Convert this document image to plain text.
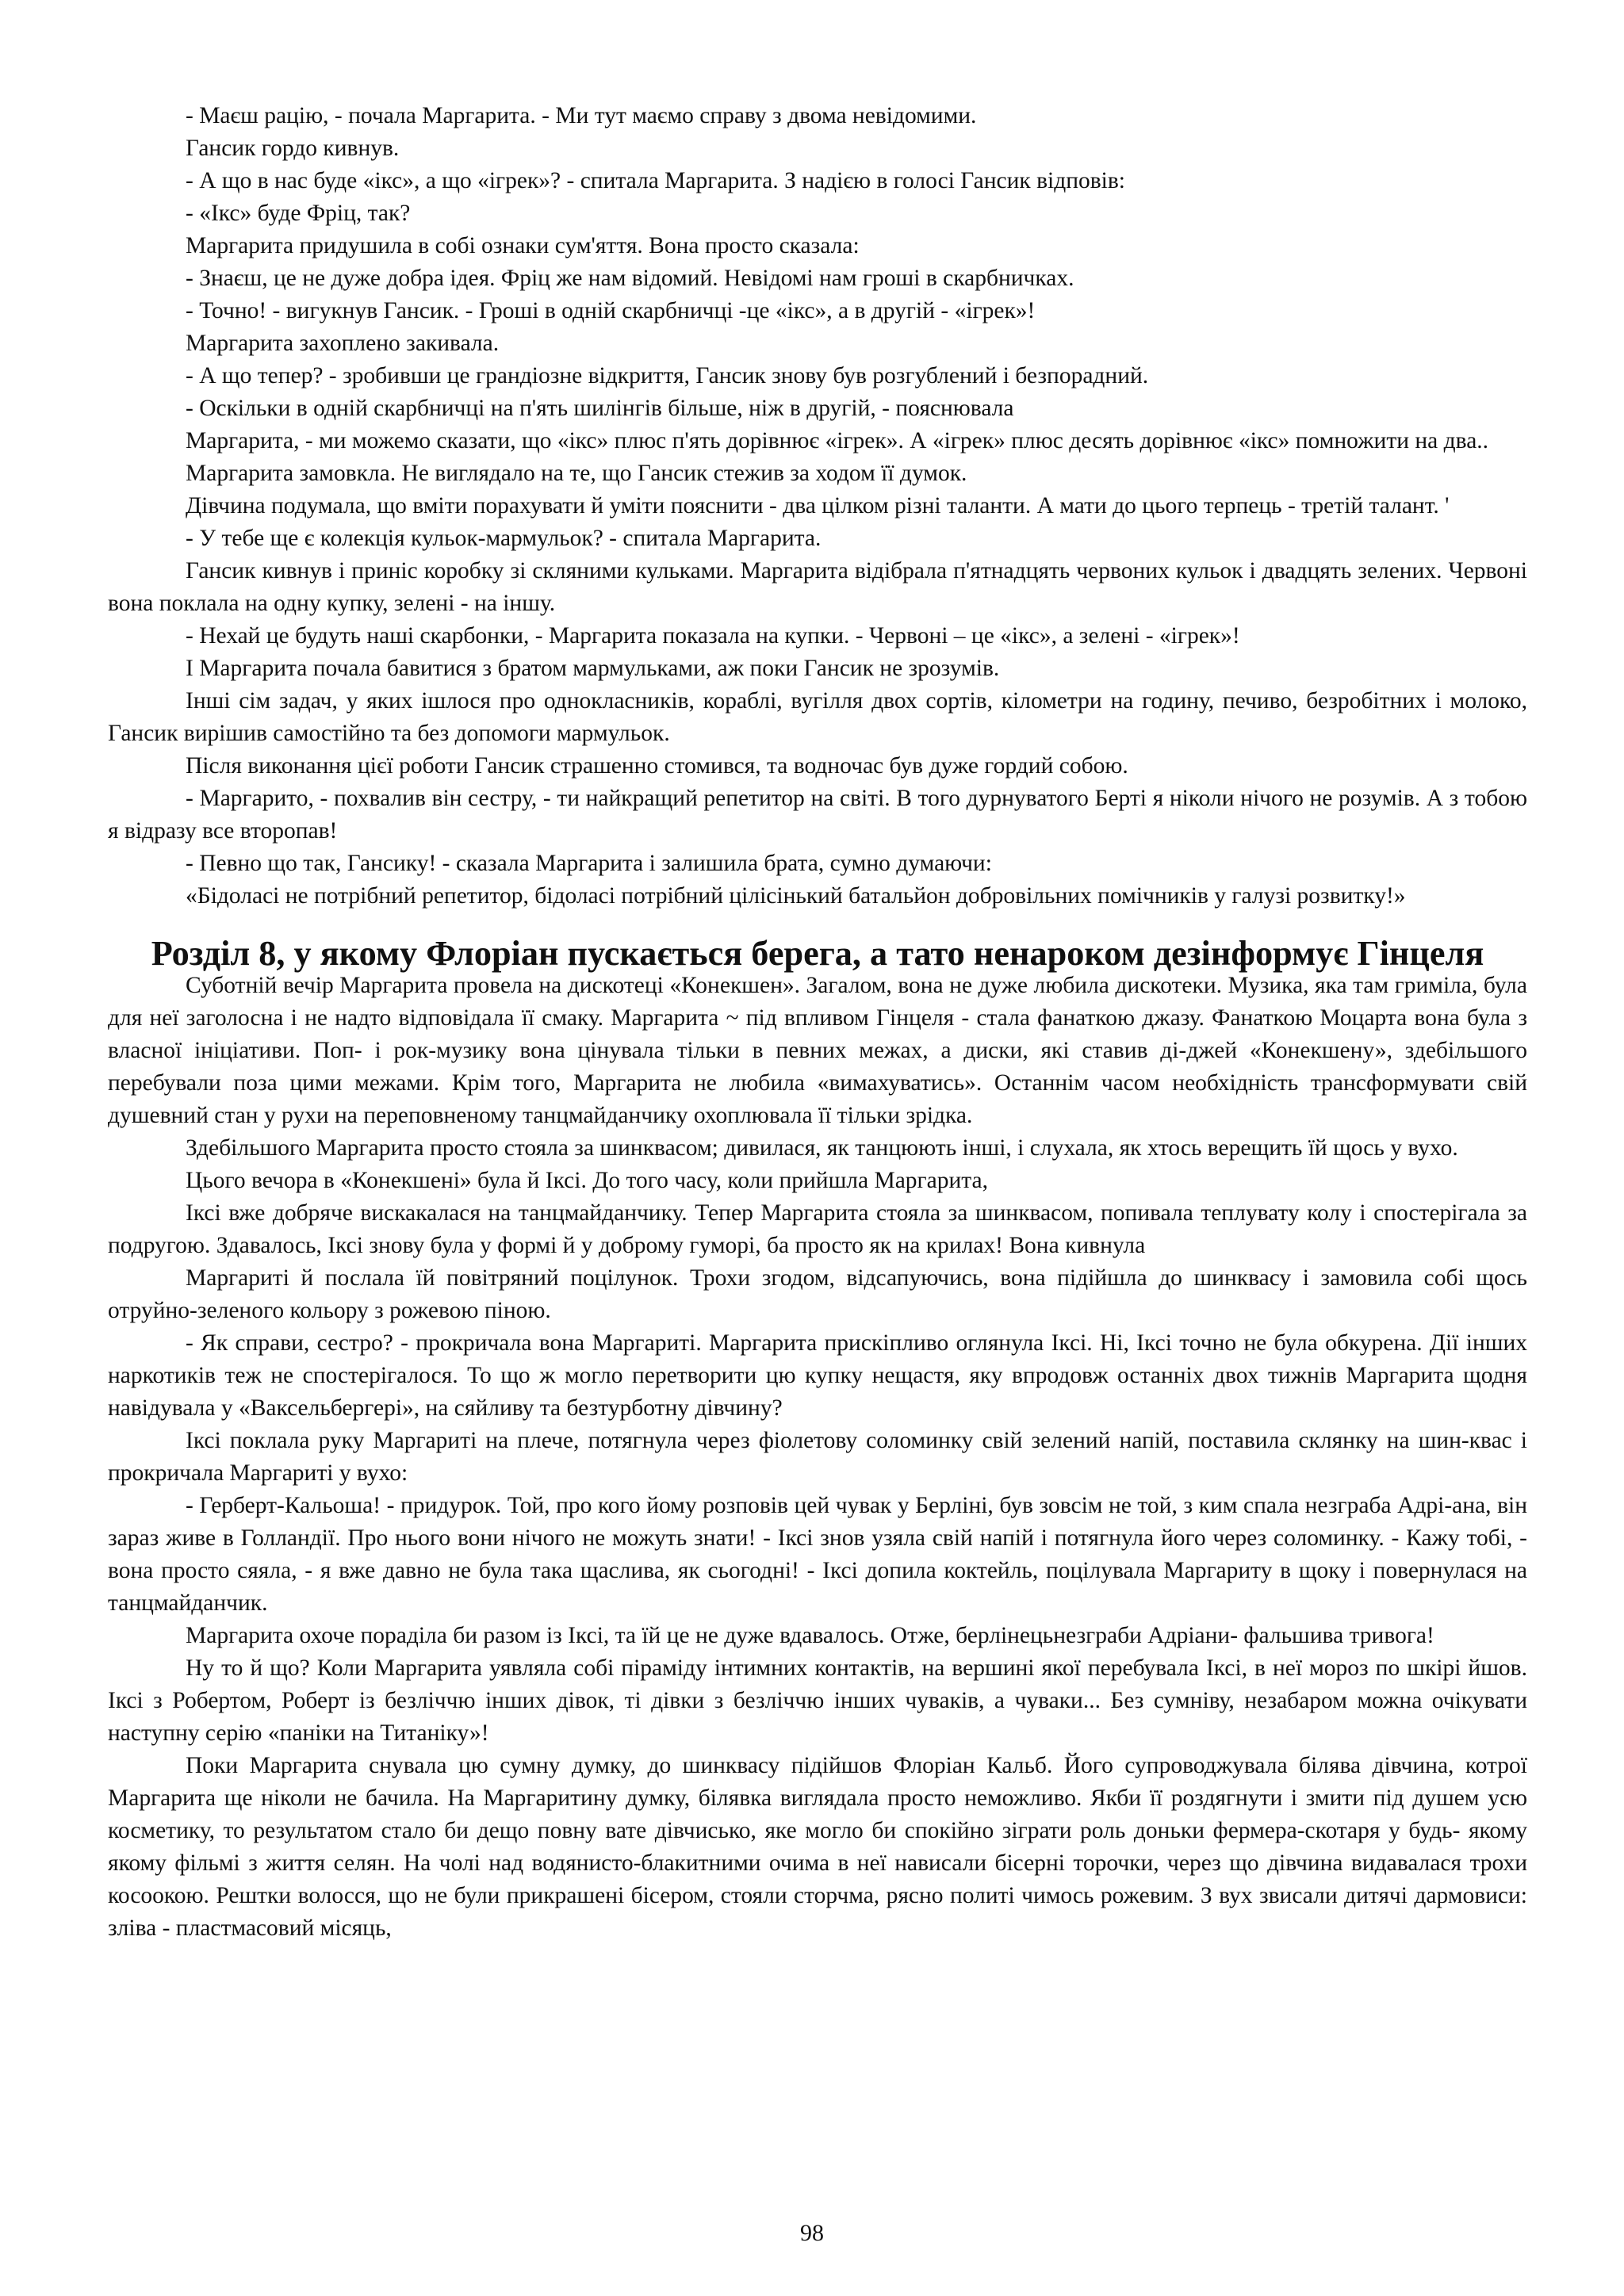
- Маєш рацію, - почала Маргарита. - Ми тут маємо справу з двома невідомими.

Гансик гордо кивнув.

- А що в нас буде «ікс», а що «ігрек»? - спитала Маргарита. З надією в голосі Гансик відповів:

- «Ікс» буде Фріц, так?

Маргарита придушила в собі ознаки сум'яття. Вона просто сказала:

- Знаєш, це не дуже добра ідея. Фріц же нам відомий. Невідомі нам гроші в скарбничках.

- Точно! - вигукнув Гансик. - Гроші в одній скарбничці -це «ікс», а в другій - «ігрек»!

Маргарита захоплено закивала.

- А що тепер? - зробивши це грандіозне відкриття, Гансик знову був розгублений і безпорадний.

- Оскільки в одній скарбничці на п'ять шилінгів більше, ніж в другій, - пояснювала

Маргарита, - ми можемо сказати, що «ікс» плюс п'ять дорівнює «ігрек». А «ігрек» плюс десять дорівнює «ікс» помножити на два..

Маргарита замовкла. Не виглядало на те, що Гансик стежив за ходом її думок.

Дівчина подумала, що вміти порахувати й уміти пояснити - два цілком різні таланти. А мати до цього терпець - третій талант. '

- У тебе ще є колекція кульок-мармульок? - спитала Маргарита.

Гансик кивнув і приніс коробку зі скляними кульками. Маргарита відібрала п'ятнадцять червоних кульок і двадцять зелених. Червоні вона поклала на одну купку, зелені - на іншу.

- Нехай це будуть наші скарбонки, - Маргарита показала на купки. - Червоні – це «ікс», а зелені - «ігрек»!

І Маргарита почала бавитися з братом мармульками, аж поки Гансик не зрозумів.

Інші сім задач, у яких ішлося про однокласників, кораблі, вугілля двох сортів, кілометри на годину, печиво, безробітних і молоко, Гансик вирішив самостійно та без допомоги мармульок.

Після виконання цієї роботи Гансик страшенно стомився, та водночас був дуже гордий собою.

- Маргарито, - похвалив він сестру, - ти найкращий репетитор на світі. В того дурнуватого Берті я ніколи нічого не розумів. А з тобою я відразу все второпав!

- Певно що так, Гансику! - сказала Маргарита і залишила брата, сумно думаючи:

«Бідоласі не потрібний репетитор, бідоласі потрібний цілісінький батальйон добровільних помічників у галузі розвитку!»

Розділ 8, у якому Флоріан пускається берега, а тато ненароком дезінформує Гінцеля

Суботній вечір Маргарита провела на дискотеці «Конекшен». Загалом, вона не дуже любила дискотеки. Музика, яка там гриміла, була для неї заголосна і не надто відповідала її смаку. Маргарита ~ під впливом Гінцеля - стала фанаткою джазу. Фанаткою Моцарта вона була з власної ініціативи. Поп- і рок-музику вона цінувала тільки в певних межах, а диски, які ставив ді-джей «Конекшену», здебільшого перебували поза цими межами. Крім того, Маргарита не любила «вимахуватись». Останнім часом необхідність трансформувати свій душевний стан у рухи на переповненому танцмайданчику охоплювала її тільки зрідка.

Здебільшого Маргарита просто стояла за шинквасом; дивилася, як танцюють інші, і слухала, як хтось верещить їй щось у вухо.

Цього вечора в «Конекшені» була й Іксі. До того часу, коли прийшла Маргарита,

Іксі вже добряче вискакалася на танцмайданчику. Тепер Маргарита стояла за шинквасом, попивала теплувату колу і спостерігала за подругою. Здавалось, Іксі знову була у формі й у доброму гуморі, ба просто як на крилах! Вона кивнула

Маргариті й послала їй повітряний поцілунок. Трохи згодом, відсапуючись, вона підійшла до шинквасу і замовила собі щось отруйно-зеленого кольору з рожевою піною.

- Як справи, сестро? - прокричала вона Маргариті. Маргарита прискіпливо оглянула Іксі. Ні, Іксі точно не була обкурена. Дії інших наркотиків теж не спостерігалося. То що ж могло перетворити цю купку нещастя, яку впродовж останніх двох тижнів Маргарита щодня навідувала у «Ваксельбергері», на сяйливу та безтурботну дівчину?

Іксі поклала руку Маргариті на плече, потягнула через фіолетову соломинку свій зелений напій, поставила склянку на шин-квас і прокричала Маргариті у вухо:

- Герберт-Кальоша! - придурок. Той, про кого йому розповів цей чувак у Берліні, був зовсім не той, з ким спала незграба Адрі-ана, він зараз живе в Голландії. Про нього вони нічого не можуть знати! - Іксі знов узяла свій напій і потягнула його через соломинку. - Кажу тобі, - вона просто сяяла, - я вже давно не була така щаслива, як сьогодні! - Іксі допила коктейль, поцілувала Маргариту в щоку і повернулася на танцмайданчик.

Маргарита охоче пораділа би разом із Іксі, та їй це не дуже вдавалось. Отже, берлінецьнезграби Адріани- фальшива тривога!

Ну то й що? Коли Маргарита уявляла собі піраміду інтимних контактів, на вершині якої перебувала Іксі, в неї мороз по шкірі йшов. Іксі з Робертом, Роберт із безліччю інших дівок, ті дівки з безліччю інших чуваків, а чуваки... Без сумніву, незабаром можна очікувати наступну серію «паніки на Титаніку»!

Поки Маргарита снувала цю сумну думку, до шинквасу підійшов Флоріан Кальб. Його супроводжувала білява дівчина, котрої Маргарита ще ніколи не бачила. На Маргаритину думку, білявка виглядала просто неможливо. Якби її роздягнути і змити під душем усю косметику, то результатом стало би дещо повну вате дівчисько, яке могло би спокійно зіграти роль доньки фермера-скотаря у будь- якому якому фільмі з життя селян. На чолі над водянисто-блакитними очима в неї нависали бісерні торочки, через що дівчина видавалася трохи косоокою. Рештки волосся, що не були прикрашені бісером, стояли сторчма, рясно политі чимось рожевим. З вух звисали дитячі дармовиси: зліва - пластмасовий місяць,

98
